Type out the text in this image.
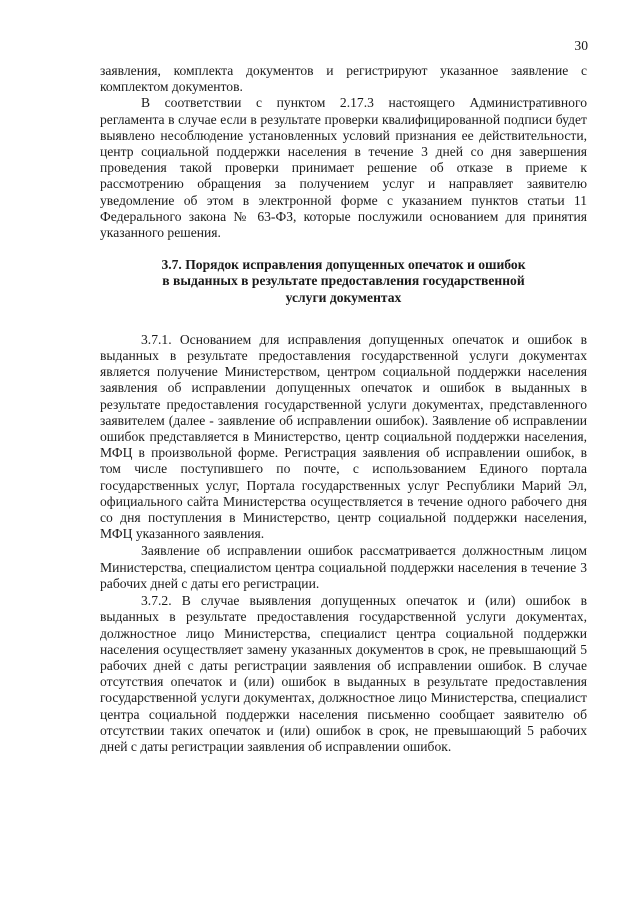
30

заявления, комплекта документов и регистрируют указанное заявление с комплектом документов.

В соответствии с пунктом 2.17.3 настоящего Административного регламента в случае если в результате проверки квалифицированной подписи будет выявлено несоблюдение установленных условий признания ее действительности, центр социальной поддержки населения в течение 3 дней со дня завершения проведения такой проверки принимает решение об отказе в приеме к рассмотрению обращения за получением услуг и направляет заявителю уведомление об этом в электронной форме с указанием пунктов статьи 11 Федерального закона № 63-ФЗ, которые послужили основанием для принятия указанного решения.

3.7. Порядок исправления допущенных опечаток и ошибок
в выданных в результате предоставления государственной
услуги документах

3.7.1. Основанием для исправления допущенных опечаток и ошибок в выданных в результате предоставления государственной услуги документах является получение Министерством, центром социальной поддержки населения заявления об исправлении допущенных опечаток и ошибок в выданных в результате предоставления государственной услуги документах, представленного заявителем (далее - заявление об исправлении ошибок). Заявление об исправлении ошибок представляется в Министерство, центр социальной поддержки населения, МФЦ в произвольной форме. Регистрация заявления об исправлении ошибок, в том числе поступившего по почте, с использованием Единого портала государственных услуг, Портала государственных услуг Республики Марий Эл, официального сайта Министерства осуществляется в течение одного рабочего дня со дня поступления в Министерство, центр социальной поддержки населения, МФЦ указанного заявления.

Заявление об исправлении ошибок рассматривается должностным лицом Министерства, специалистом центра социальной поддержки населения в течение 3 рабочих дней с даты его регистрации.

3.7.2. В случае выявления допущенных опечаток и (или) ошибок в выданных в результате предоставления государственной услуги документах, должностное лицо Министерства, специалист центра социальной поддержки населения осуществляет замену указанных документов в срок, не превышающий 5 рабочих дней с даты регистрации заявления об исправлении ошибок. В случае отсутствия опечаток и (или) ошибок в выданных в результате предоставления государственной услуги документах, должностное лицо Министерства, специалист центра социальной поддержки населения письменно сообщает заявителю об отсутствии таких опечаток и (или) ошибок в срок, не превышающий 5 рабочих дней с даты регистрации заявления об исправлении ошибок.
